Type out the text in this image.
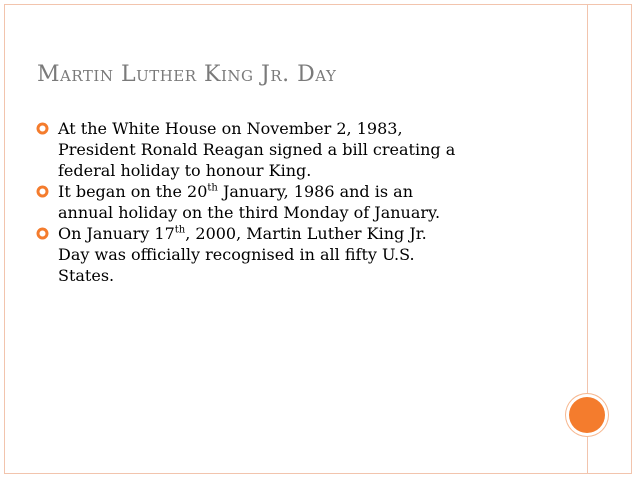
Martin Luther King Jr. Day
At the White House on November 2, 1983,
President Ronald Reagan signed a bill creating a
federal holiday to honour King.
It began on the 20th January, 1986 and is an
annual holiday on the third Monday of January.
On January 17th, 2000, Martin Luther King Jr.
Day was officially recognised in all fifty U.S.
States.
